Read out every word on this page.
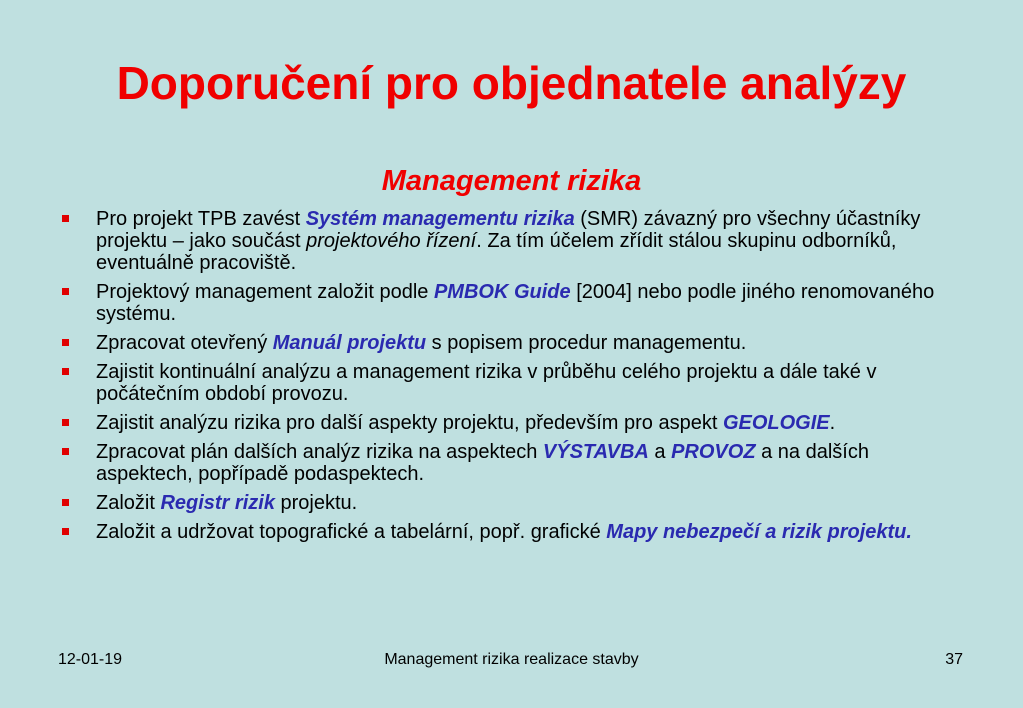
Doporučení pro objednatele analýzy
Management rizika
Pro projekt TPB zavést Systém managementu rizika (SMR) závazný pro všechny účastníky projektu – jako součást projektového řízení. Za tím účelem zřídit stálou skupinu odborníků, eventuálně pracoviště.
Projektový management založit podle PMBOK Guide [2004] nebo podle jiného renomovaného systému.
Zpracovat otevřený Manuál projektu s popisem procedur managementu.
Zajistit kontinuální analýzu a management rizika v průběhu celého projektu a dále také v počátečním období provozu.
Zajistit analýzu rizika pro další aspekty projektu, především pro aspekt GEOLOGIE.
Zpracovat plán dalších analýz rizika na aspektech VÝSTAVBA a PROVOZ a na dalších aspektech, popřípadě podaspektech.
Založit Registr rizik projektu.
Založit a udržovat topografické a tabelární, popř. grafické Mapy nebezpečí a rizik projektu.
12-01-19	Management rizika realizace stavby	37
